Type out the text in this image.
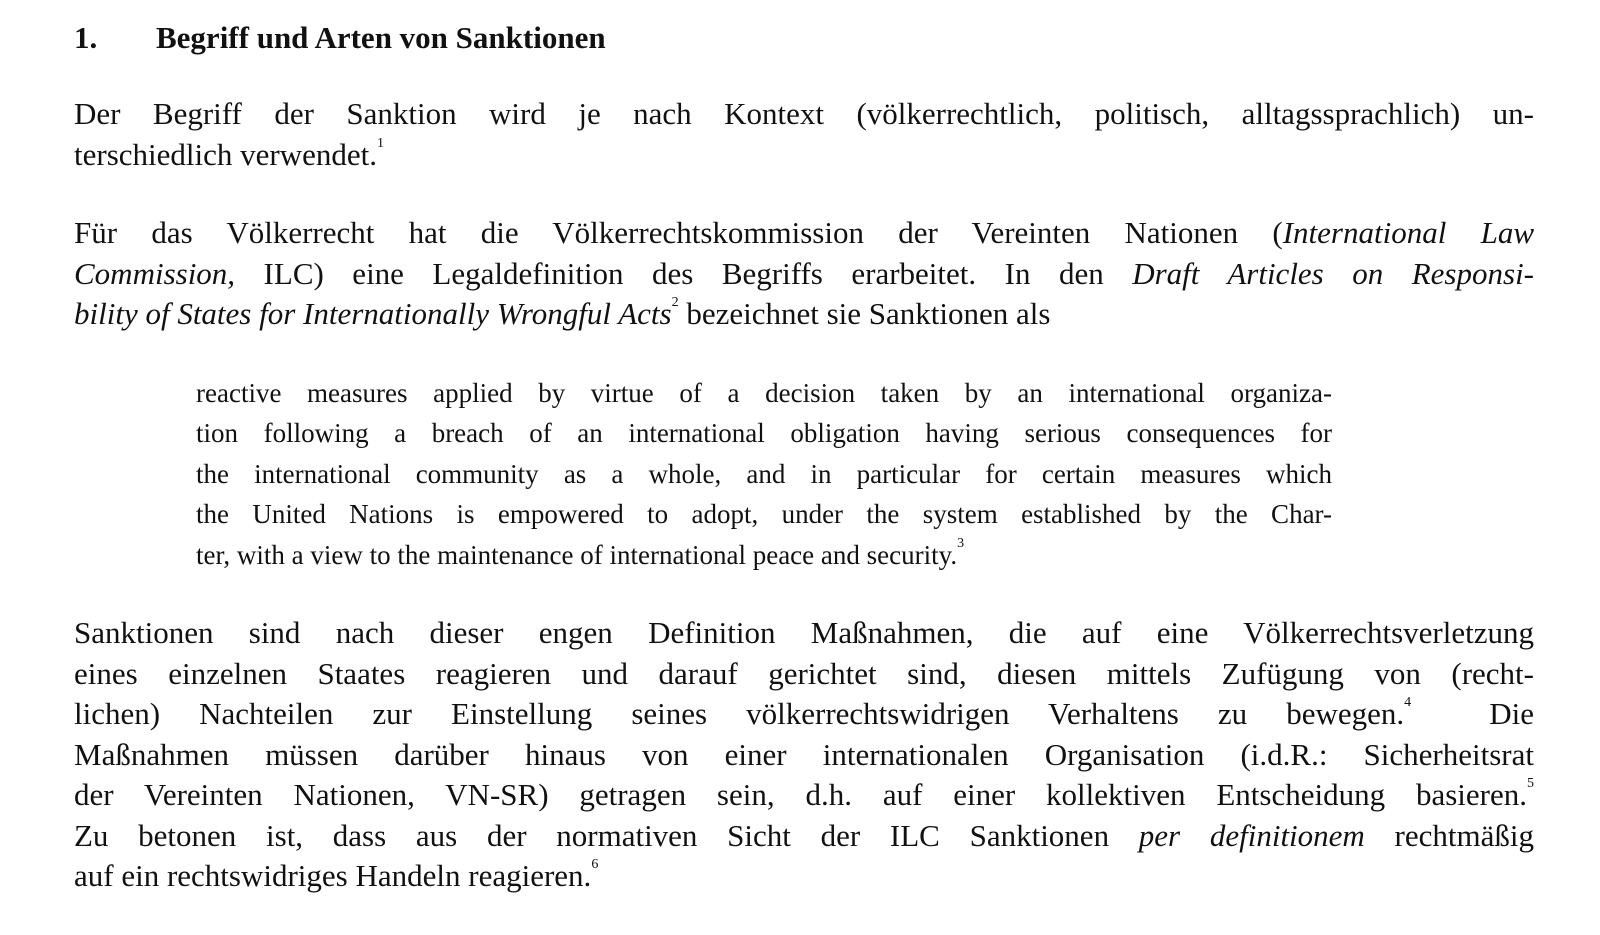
1. Begriff und Arten von Sanktionen
Der Begriff der Sanktion wird je nach Kontext (völkerrechtlich, politisch, alltagssprachlich) un-
terschiedlich verwendet.$^1$
Für das Völkerrecht hat die Völkerrechtskommission der Vereinten Nationen (International Law
Commission, ILC) eine Legaldefinition des Begriffs erarbeitet. In den Draft Articles on Responsi-
bility of States for Internationally Wrongful Acts$^2$ bezeichnet sie Sanktionen als
reactive measures applied by virtue of a decision taken by an international organiza-
tion following a breach of an international obligation having serious consequences for
the international community as a whole, and in particular for certain measures which
the United Nations is empowered to adopt, under the system established by the Char-
ter, with a view to the maintenance of international peace and security.$^3$
Sanktionen sind nach dieser engen Definition Maßnahmen, die auf eine Völkerrechtsverletzung
eines einzelnen Staates reagieren und darauf gerichtet sind, diesen mittels Zufügung von (recht-
lichen) Nachteilen zur Einstellung seines völkerrechtswidrigen Verhaltens zu bewegen.$^4$  Die
Maßnahmen müssen darüber hinaus von einer internationalen Organisation (i.d.R.: Sicherheitsrat
der Vereinten Nationen, VN-SR) getragen sein, d.h. auf einer kollektiven Entscheidung basieren.$^5$
Zu betonen ist, dass aus der normativen Sicht der ILC Sanktionen per definitionem rechtmäßig
auf ein rechtswidriges Handeln reagieren.$^6$
